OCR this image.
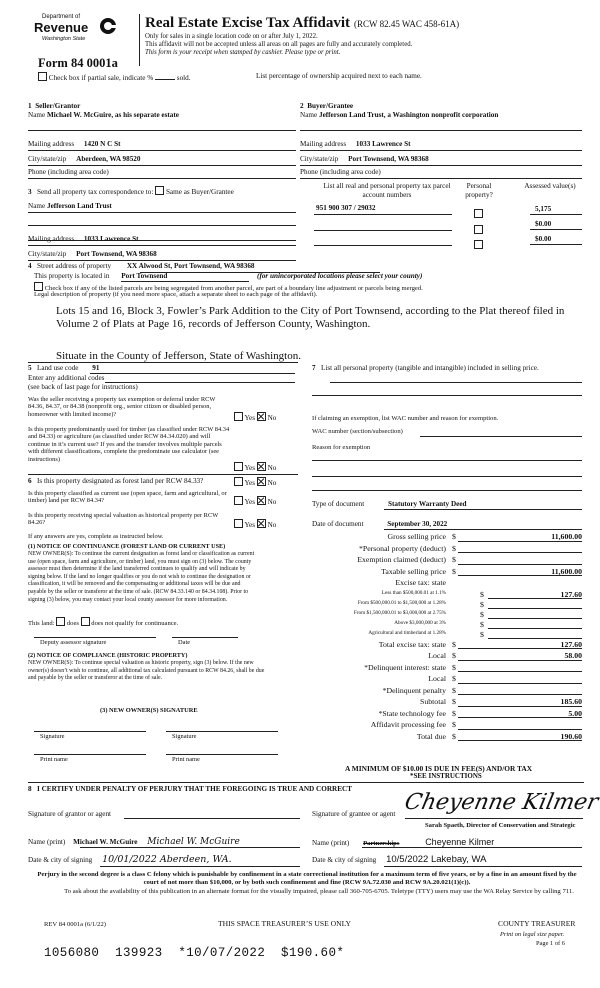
Department of
Revenue
Washington State
Form 84 0001a
Real Estate Excise Tax Affidavit (RCW 82.45 WAC 458-61A)
Only for sales in a single location code on or after July 1, 2022.
This affidavit will not be accepted unless all areas on all pages are fully and accurately completed.
This form is your receipt when stamped by cashier. Please type or print.
Check box if partial sale, indicate %	sold.	List percentage of ownership acquired next to each name.
1 Seller/Grantor
Name Michael W. McGuire, as his separate estate
2 Buyer/Grantee
Name Jefferson Land Trust, a Washington nonprofit corporation
Mailing address 1420 N C St
City/state/zip Aberdeen, WA 98520
Phone (including area code)
Mailing address 1033 Lawrence St
City/state/zip Port Townsend, WA 98368
Phone (including area code)
3 Send all property tax correspondence to: Same as Buyer/Grantee
Name Jefferson Land Trust
Mailing address 1033 Lawrence St
City/state/zip Port Townsend, WA 98368
List all real and personal property tax parcel account numbers
Personal property?
Assessed value(s)
951 900 307 / 29032	5,175
$0.00
$0.00
4 Street address of property XX Alwood St, Port Townsend, WA 98368
This property is located in Port Townsend	(for unincorporated locations please select your county)
Check box if any of the listed parcels are being segregated from another parcel, are part of a boundary line adjustment or parcels being merged.
Legal description of property (if you need more space, attach a separate sheet to each page of the affidavit).
Lots 15 and 16, Block 3, Fowler’s Park Addition to the City of Port Townsend, according to the Plat thereof filed in Volume 2 of Plats at Page 16, records of Jefferson County, Washington.
Situate in the County of Jefferson, State of Washington.
5 Land use code 91
Enter any additional codes
(see back of last page for instructions)
Was the seller receiving a property tax exemption or deferral under RCW 84.36, 84.37, or 84.38 (nonprofit org., senior citizen or disabled person, homeowner with limited income)?	Yes No
Is this property predominantly used for timber (as classified under RCW 84.34 and 84.33) or agriculture (as classified under RCW 84.34.020) and will continue in it’s current use? If yes and the transfer involves multiple parcels with different classifications, complete the predominate use calculator (see instructions)
Yes No
6 Is this property designated as forest land per RCW 84.33?	Yes No
Is this property classified as current use (open space, farm and agricultural, or timber) land per RCW 84.34?	Yes No
Is this property receiving special valuation as historical property per RCW 84.26?	Yes No
If any answers are yes, complete as instructed below.
(1) NOTICE OF CONTINUANCE (FOREST LAND OR CURRENT USE)
NEW OWNER(S): To continue the current designation as forest land or classification as current use (open space, farm and agriculture, or timber) land, you must sign on (3) below. The county assessor must then determine if the land transferred continues to qualify and will indicate by signing below. If the land no longer qualifies or you do not wish to continue the designation or classification, it will be removed and the compensating or additional taxes will be due and payable by the seller or transferor at the time of sale. (RCW 84.33.140 or 84.34.108). Prior to signing (3) below, you may contact your local county assessor for more information.
This land: does does not qualify for continuance.
Deputy assessor signature	Date
(2) NOTICE OF COMPLIANCE (HISTORIC PROPERTY)
NEW OWNER(S): To continue special valuation as historic property, sign (3) below. If the new owner(s) doesn’t wish to continue, all additional tax calculated pursuant to RCW 84.26, shall be due and payable by the seller or transferor at the time of sale.
(3) NEW OWNER(S) SIGNATURE
Signature	Signature
Print name	Print name
7 List all personal property (tangible and intangible) included in selling price.
If claiming an exemption, list WAC number and reason for exemption.
WAC number (section/subsection)
Reason for exemption
Type of document	Statutory Warranty Deed
Date of document	September 30, 2022
Gross selling price $	11,600.00
*Personal property (deduct) $
Exemption claimed (deduct) $
Taxable selling price $	11,600.00
Excise tax: state
Less than $500,000.01 at 1.1%	$	127.60
From $500,000.01 to $1,500,000 at 1.28%	$
From $1,500,000.01 to $3,000,000 at 2.75%	$
Above $3,000,000 at 3%	$
Agricultural and timberland at 1.28%	$
Total excise tax: state $	127.60
Local $	58.00
*Delinquent interest: state $
Local $
*Delinquent penalty $
Subtotal $	185.60
*State technology fee $	5.00
Affidavit processing fee $
Total due $	190.60
A MINIMUM OF $10.00 IS DUE IN FEE(S) AND/OR TAX
*SEE INSTRUCTIONS
8 I CERTIFY UNDER PENALTY OF PERJURY THAT THE FOREGOING IS TRUE AND CORRECT
Signature of grantor or agent	Signature of grantee or agent Cheyenne Kilmer
Sarah Spaeth, Director of Conservation and Strategic
Name (print) Michael W. McGuire Michael W. McGuire	Name (print) Partnerships	Cheyenne Kilmer
Date & city of signing 10/01/2022 Aberdeen, WA.	Date & city of signing 10/5/2022 Lakebay, WA
Perjury in the second degree is a class C felony which is punishable by confinement in a state correctional institution for a maximum term of five years, or by a fine in an amount fixed by the court of not more than $10,000, or by both such confinement and fine (RCW 9A.72.030 and RCW 9A.20.021(1)(c)).
To ask about the availability of this publication in an alternate format for the visually impaired, please call 360-705-6705. Teletype (TTY) users may use the WA Relay Service by calling 711.
REV 84 0001a (6/1/22)	THIS SPACE TREASURER’S USE ONLY	COUNTY TREASURER
Print on legal size paper.
Page 1 of 6
1056080  139923  *10/07/2022  $190.60*
